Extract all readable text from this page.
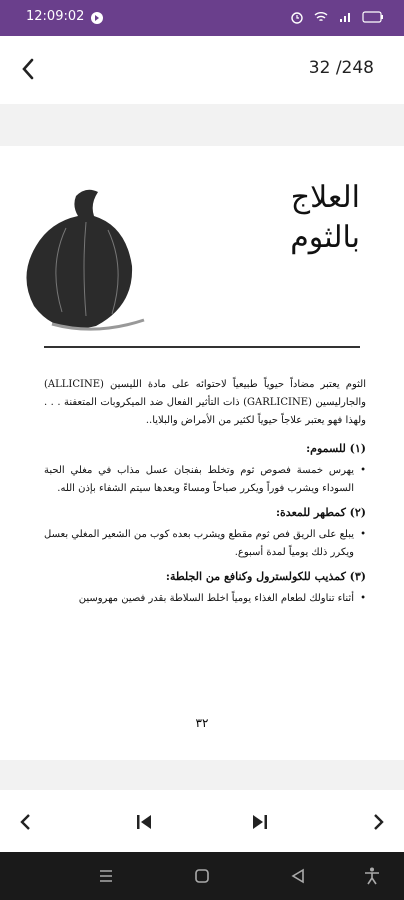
12:09:02
32 /248
العلاج
بالثوم
الثوم يعتبر مضاداً حيوياً طبيعياً لاحتوائه على مادة الليسين (ALLICINE) والجارليسين (GARLICINE) ذات التأثير الفعال ضد الميكروبات المتعفنة . . . ولهذا فهو يعتبر علاجاً حيوياً لكثير من الأمراض والبلايا..
(١) للسموم:
• يهرس خمسة فصوص ثوم وتخلط بفنجان عسل مذاب في مغلي الحبة السوداء ويشرب فوراً ويكرر صباحاً ومساءً وبعدها سيتم الشفاء بإذن الله.
(٢) كمطهر للمعدة:
• يبلع على الريق فص ثوم مقطع ويشرب بعده كوب من الشعير المغلي بعسل ويكرر ذلك يومياً لمدة أسبوع.
(٣) كمذيب للكولسترول وكنافع من الجلطة:
• أثناء تناولك لطعام الغذاء يومياً اخلط السلاطة بقدر فصين مهروسين
٣٢
